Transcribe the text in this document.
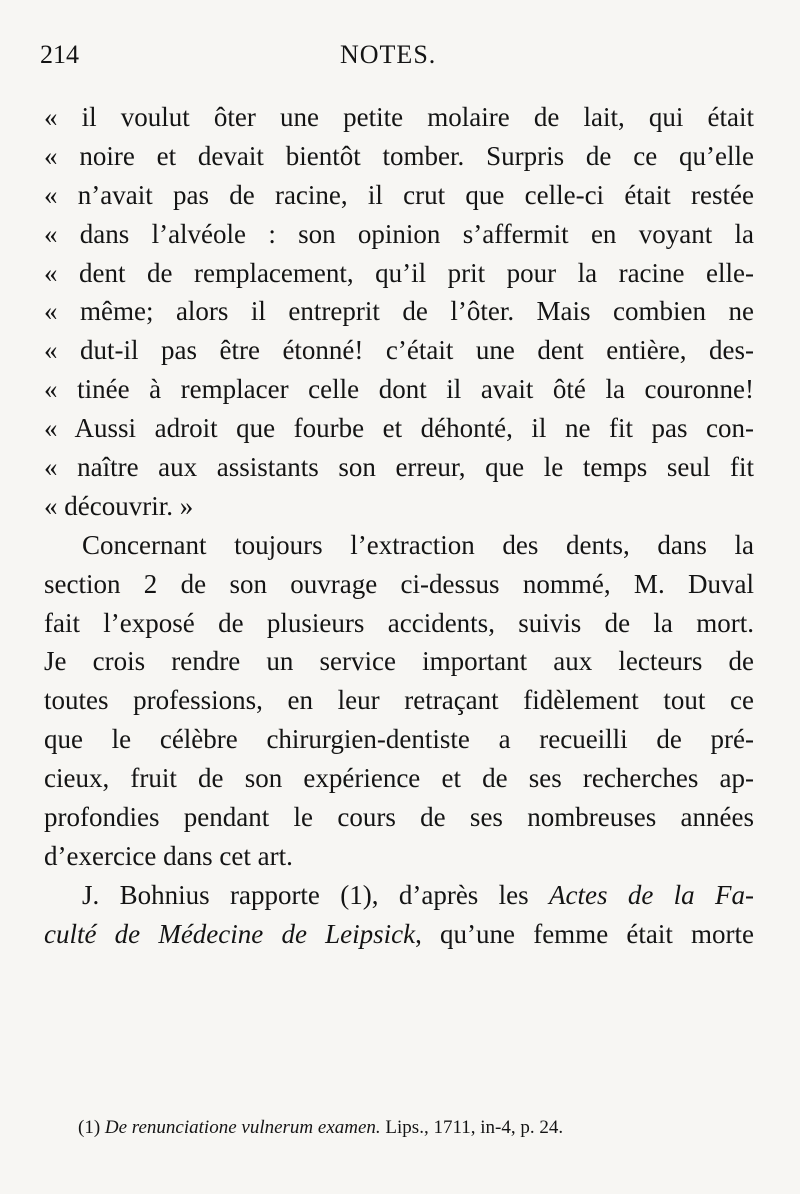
214	NOTES.
« il voulut ôter une petite molaire de lait, qui était
« noire et devait bientôt tomber. Surpris de ce qu’elle
« n’avait pas de racine, il crut que celle-ci était restée
« dans l’alvéole : son opinion s’affermit en voyant la
« dent de remplacement, qu’il prit pour la racine elle-
« même; alors il entreprit de l’ôter. Mais combien ne
« dut-il pas être étonné! c’était une dent entière, des-
« tinée à remplacer celle dont il avait ôté la couronne!
« Aussi adroit que fourbe et déhonté, il ne fit pas con-
« naître aux assistants son erreur, que le temps seul fit
« découvrir. »
Concernant toujours l’extraction des dents, dans la
section 2 de son ouvrage ci-dessus nommé, M. Duval
fait l’exposé de plusieurs accidents, suivis de la mort.
Je crois rendre un service important aux lecteurs de
toutes professions, en leur retraçant fidèlement tout ce
que le célèbre chirurgien-dentiste a recueilli de pré-
cieux, fruit de son expérience et de ses recherches ap-
profondies pendant le cours de ses nombreuses années
d’exercice dans cet art.
J. Bohnius rapporte (1), d’après les Actes de la Fa-
culté de Médecine de Leipsick, qu’une femme était morte
(1) De renunciatione vulnerum examen. Lips., 1711, in-4, p. 24.
